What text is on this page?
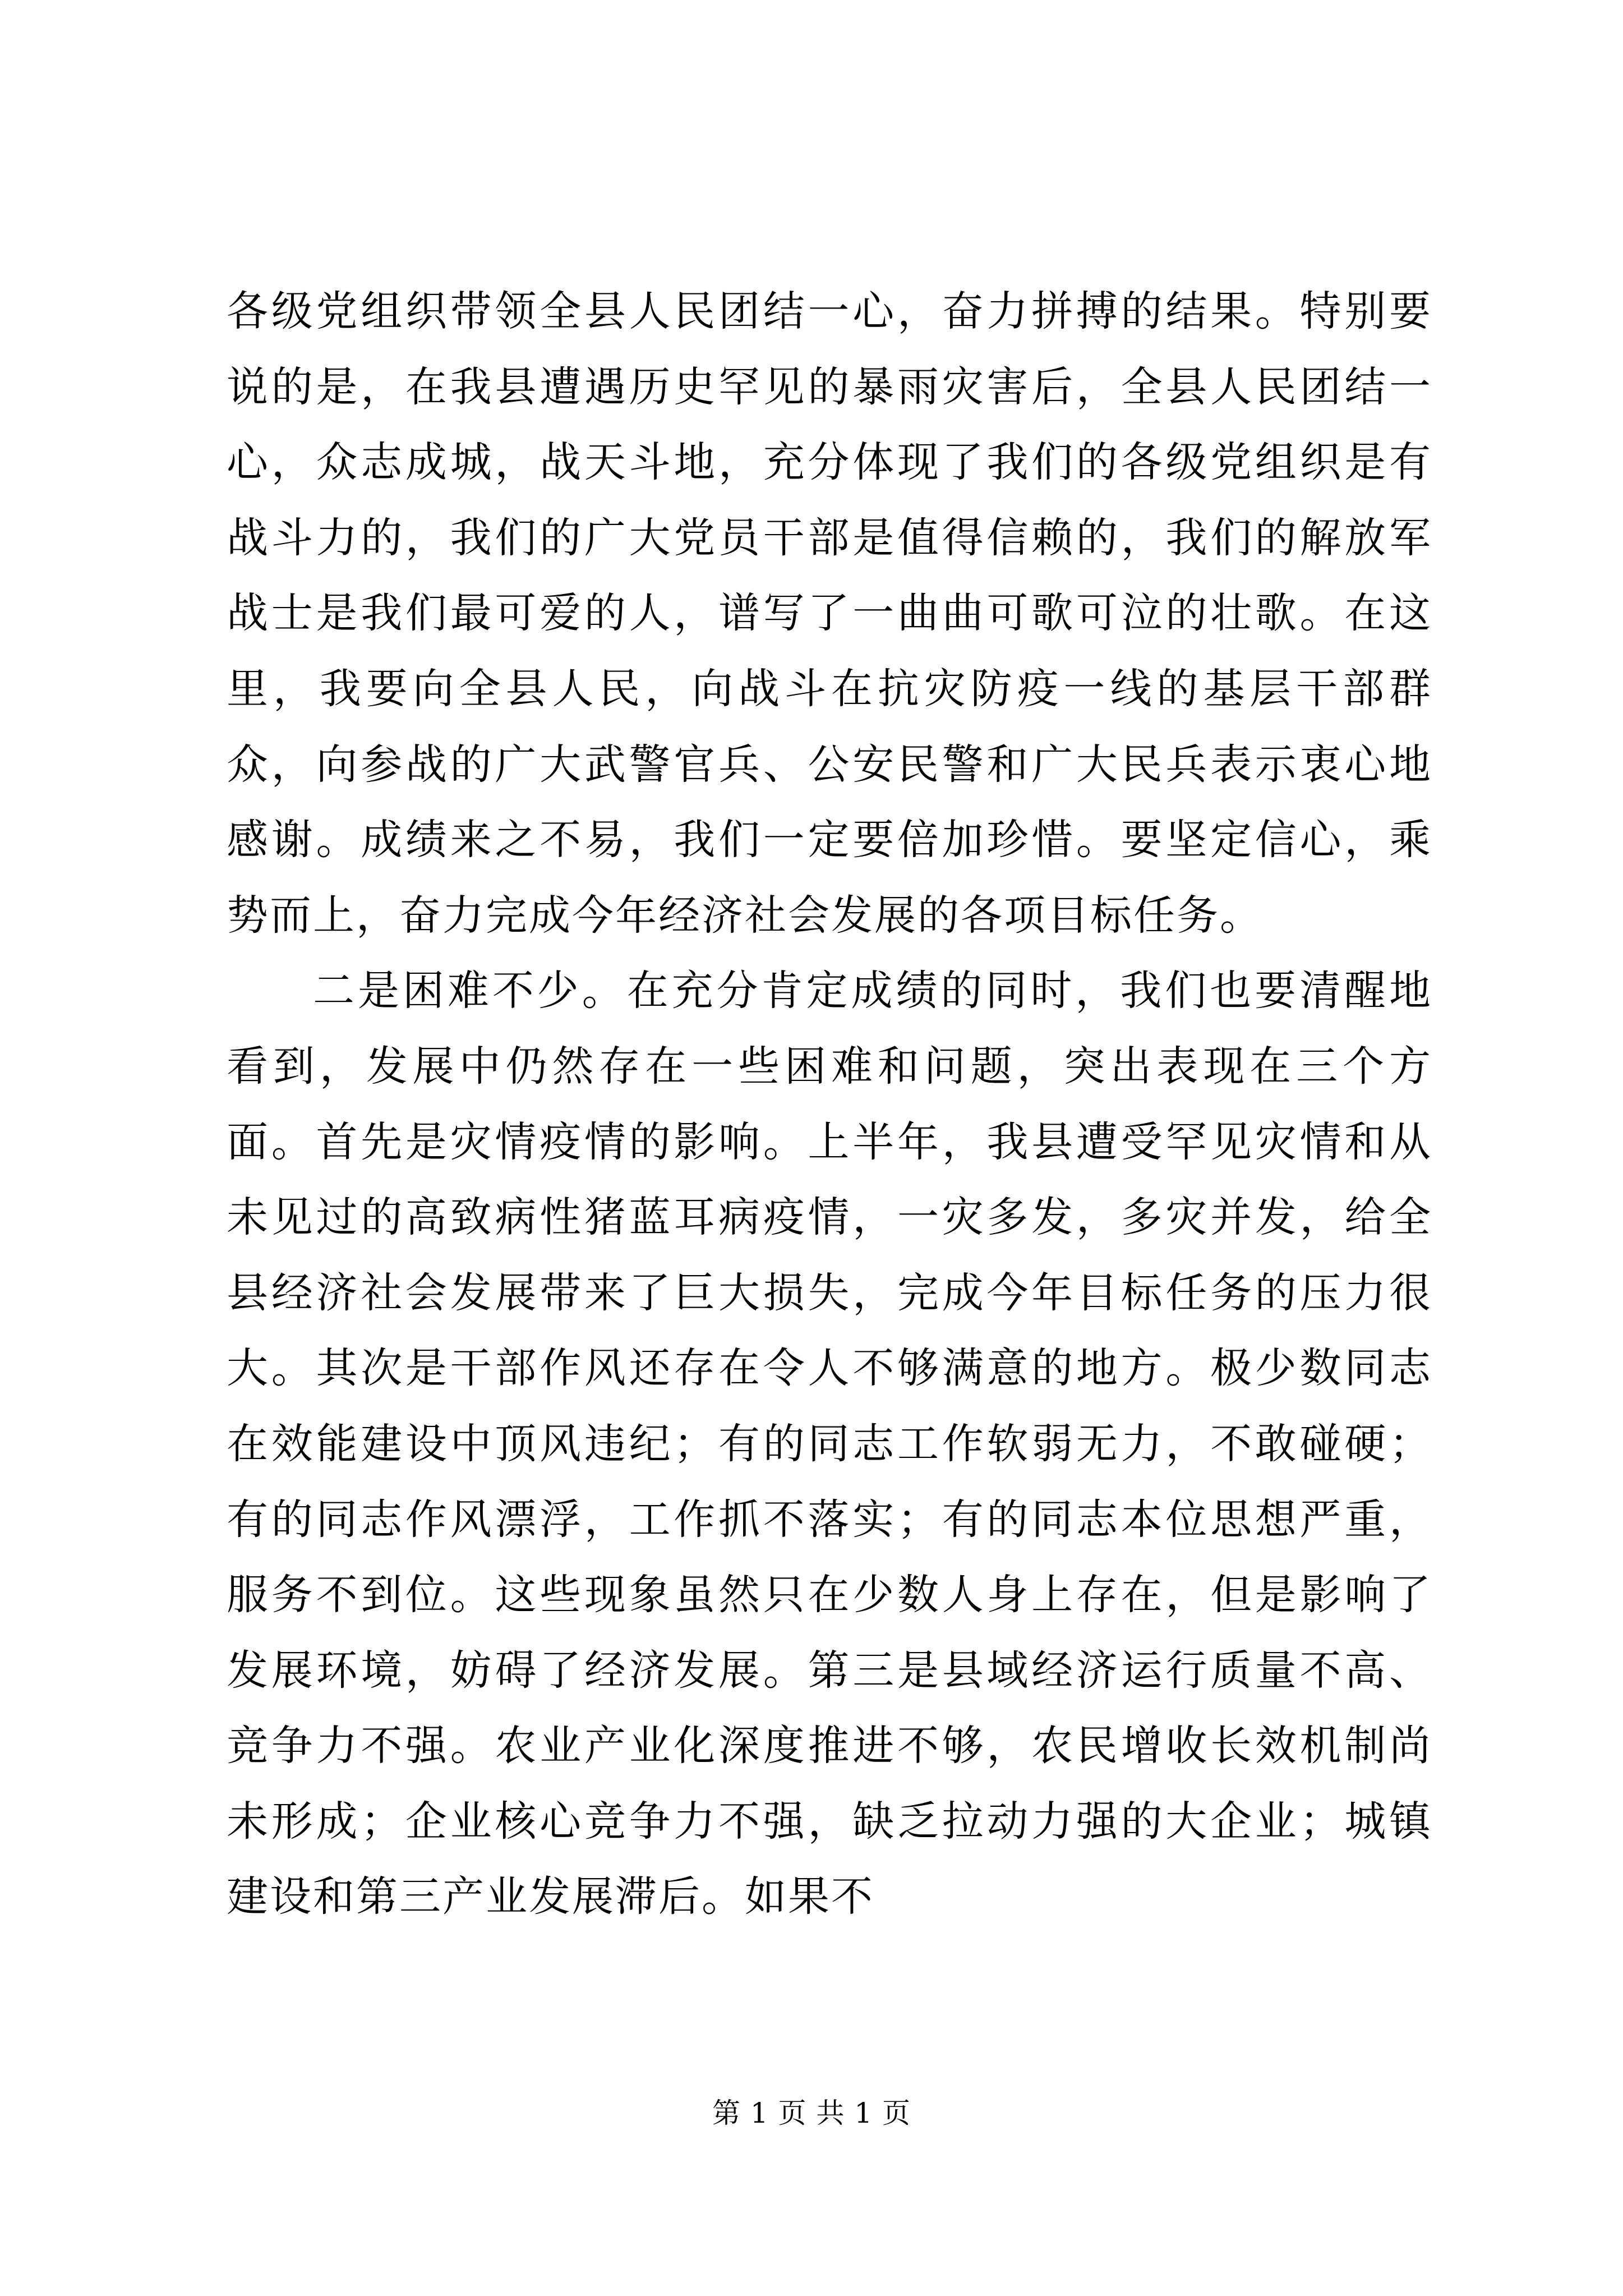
各级党组织带领全县人民团结一心，奋力拼搏的结果。特别要说的是，在我县遭遇历史罕见的暴雨灾害后，全县人民团结一心，众志成城，战天斗地，充分体现了我们的各级党组织是有战斗力的，我们的广大党员干部是值得信赖的，我们的解放军战士是我们最可爱的人，谱写了一曲曲可歌可泣的壮歌。在这里，我要向全县人民，向战斗在抗灾防疫一线的基层干部群众，向参战的广大武警官兵、公安民警和广大民兵表示衷心地感谢。成绩来之不易，我们一定要倍加珍惜。要坚定信心，乘势而上，奋力完成今年经济社会发展的各项目标任务。

二是困难不少。在充分肯定成绩的同时，我们也要清醒地看到，发展中仍然存在一些困难和问题，突出表现在三个方面。首先是灾情疫情的影响。上半年，我县遭受罕见灾情和从未见过的高致病性猪蓝耳病疫情，一灾多发，多灾并发，给全县经济社会发展带来了巨大损失，完成今年目标任务的压力很大。其次是干部作风还存在令人不够满意的地方。极少数同志在效能建设中顶风违纪；有的同志工作软弱无力，不敢碰硬；有的同志作风漂浮，工作抓不落实；有的同志本位思想严重，服务不到位。这些现象虽然只在少数人身上存在，但是影响了发展环境，妨碍了经济发展。第三是县域经济运行质量不高、竞争力不强。农业产业化深度推进不够，农民增收长效机制尚未形成；企业核心竞争力不强，缺乏拉动力强的大企业；城镇建设和第三产业发展滞后。如果不

第 1 页 共 1 页
